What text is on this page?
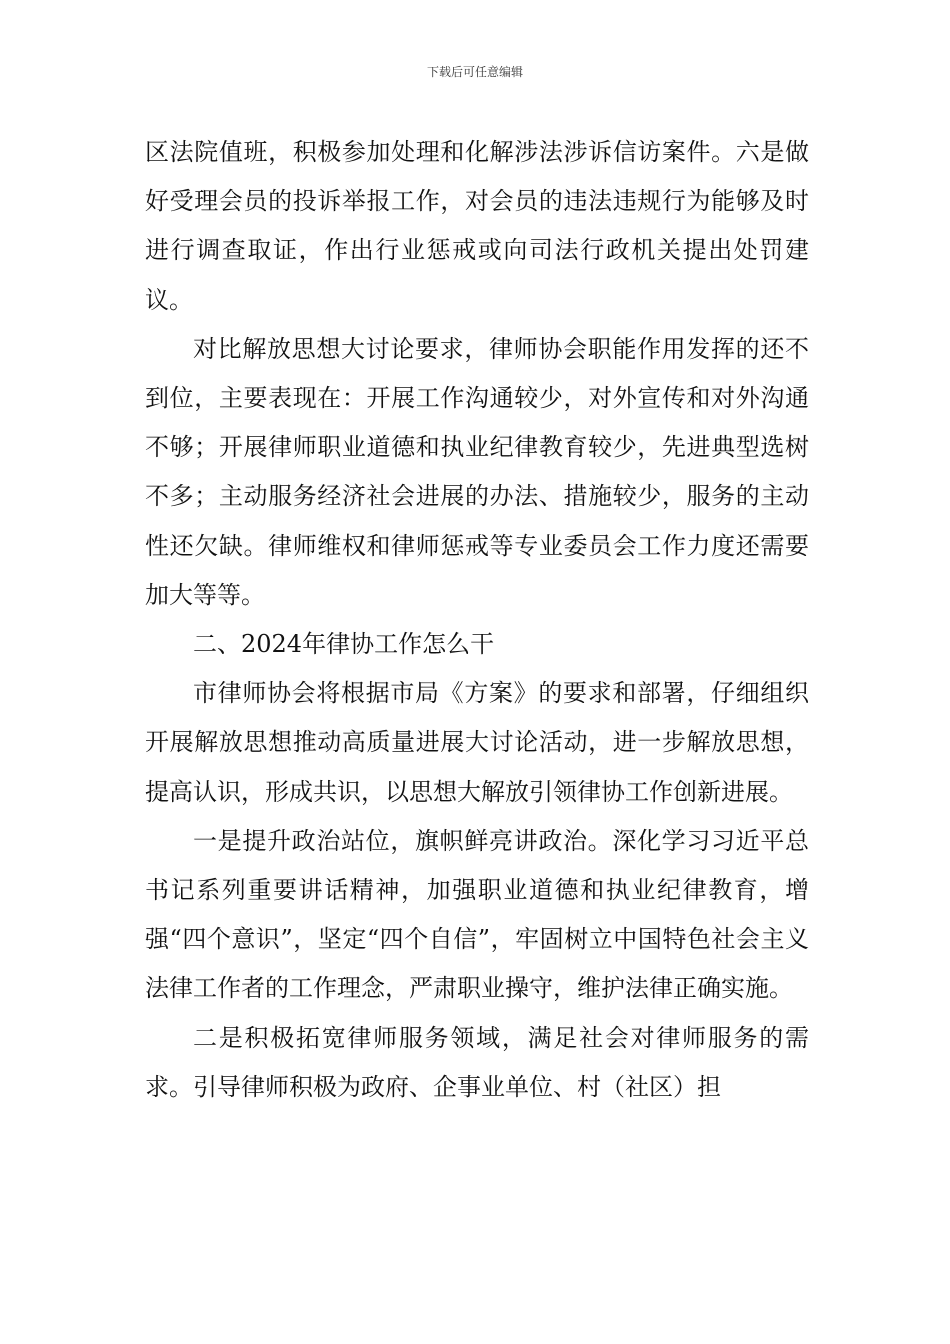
下载后可任意编辑

区法院值班，积极参加处理和化解涉法涉诉信访案件。六是做好受理会员的投诉举报工作，对会员的违法违规行为能够及时进行调查取证，作出行业惩戒或向司法行政机关提出处罚建议。

对比解放思想大讨论要求，律师协会职能作用发挥的还不到位，主要表现在：开展工作沟通较少，对外宣传和对外沟通不够；开展律师职业道德和执业纪律教育较少，先进典型选树不多；主动服务经济社会进展的办法、措施较少，服务的主动性还欠缺。律师维权和律师惩戒等专业委员会工作力度还需要加大等等。

二、2024年律协工作怎么干

市律师协会将根据市局《方案》的要求和部署，仔细组织开展解放思想推动高质量进展大讨论活动，进一步解放思想，提高认识，形成共识，以思想大解放引领律协工作创新进展。

一是提升政治站位，旗帜鲜亮讲政治。深化学习习近平总书记系列重要讲话精神，加强职业道德和执业纪律教育，增强“四个意识”，坚定“四个自信”，牢固树立中国特色社会主义法律工作者的工作理念，严肃职业操守，维护法律正确实施。

二是积极拓宽律师服务领域，满足社会对律师服务的需求。引导律师积极为政府、企事业单位、村（社区）担
